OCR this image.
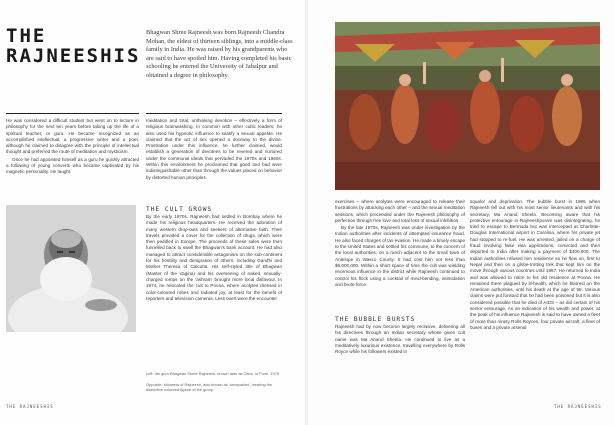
THE
RAJNEESHIS

Bhagwan Shree Rajneesh was born Rajneesh Chandra Mohan, the eldest of thirteen siblings, into a middle-class family in India. He was raised by his grandparents who are said to have spoiled him. Having completed his basic schooling he entered the University of Jabalpur and obtained a degree in philosophy.

He was considered a difficult student but went on to lecture in philosophy for the next ten years before taking up the life of a spiritual teacher, or guru. He became recognized as an accomplished intellectual, a progressive writer and a poet, although he claimed to disagree with the principle of intellectual thought and preferred the route of meditation and mysticism.

Once he had appointed himself as a guru he quickly attracted a following of young converts who became captivated by his magnetic personality. He taught

meditation and total, unthinking devotion – effectively a form of religious brainwashing. In common with other cultic leaders, he also used his hypnotic influence to satisfy a sexual appetite. He claimed that the act of sex opened a doorway to the divine. Prostration under this influence, he further claimed, would establish a generation of devotees to be revered and nurtured under the communal ideals that pervaded the 1970s and 1980s. Within this environment he proclaimed that good and bad were indistinguishable other than through the values placed on behavior by distorted human principles.

THE CULT GROWS

By the early 1970s, Rajneesh had settled in Bombay where he made his religious headquarters. He received the adoration of many western drop-outs and seekers of alternative faith. Their travels provided a cover for the collection of drugs, which were then peddled in Europe. The proceeds of these sales were then funnelled back to swell the Bhagwan's bank account. He had also managed to attract considerable antagonism on the sub-continent for his hostility and denigration of others, including Gandhi and Mother Theresa of Calcutta. His self-styled title of Bhagwan (Master of the Vagina) and his overseeing of naked, sexually-charged romps on the 'ashram' brought more local disfavour. In 1974, he relocated the cult to Poona, where acolytes dressed in color-coloured robes and radiated joy, at least for the benefit of reporters and television cameras. Less overt were the encounter

Left: the guru Bhagwan Shree Rajneesh, known later as Osho, in Pune, 1979.

Opposite: followers of Rajneesh, also known as 'sannyasins', wearing the distinctive coloured typical of the group.

exercises – where acolytes were encouraged to release their frustrations by attacking each other – and the sexual meditation sessions, which proceeded under the Rajneesh philosophy of perfection through free love and total loss of sexual inhibition.

By the late 1970s, Rajneesh was under investigation by the Indian authorities after incidents of attempted insurance fraud. He also faced charges of tax evasion. He made a timely escape to the United States and settled his commune, to the concern of the local authorities, on a ranch adjacent to the small town of Antelope in Wasco County. It had cost him not less than $6,000,000. Within a short space of time the cult was wielding enormous influence in the district while Rajneesh continued to control his flock using a cocktail of mind-bending, intimidation and brute force.

THE BUBBLE BURSTS

Rajneesh had by now become largely reclusive, delivering all his directives through an Indian secretary whose given cult name was Ma Anand Sheela. He continued to live as a meditatively luxurious existence, travelling everywhere by Rolls Royce while his followers existed in

squalor and deprivation. The bubble burst in 1985 when Rajneesh fell out with his most senior lieutenants and with his secretary, Ma Anand Sheela. Becoming aware that his protective entourage in Rajneeshpuram was disintegrating, he tried to escape to Bermuda but was intercepted at Charlotte-Douglas International airport in Carolina, where his private jet had stopped to re-fuel. He was arrested, jailed on a charge of fraud involving false visa applications, convicted and then deported to India after making a payment of $400,000. The Indian authorities refused him residence so he flew on, first to Nepal and then on a globe-trotting trek that kept him on the move through various countries until 1987. He returned to India and was allowed to retire to his old residence at Poona. He remained there plagued by ill-health, which he blamed on the American authorities, until his death at the age of 58. Various claims were put forward that he had been poisoned but it is also considered possible that he died of AIDS – as did certain of his senior entourage. As an indication of his wealth and power, at the peak of his influence Rajneesh is said to have owned a fleet of more than ninety Rolls Royces, four private aircraft, a fleet of buses and a private arsenal

THE RAJNEESHIS	THE RAJNEESHIS
